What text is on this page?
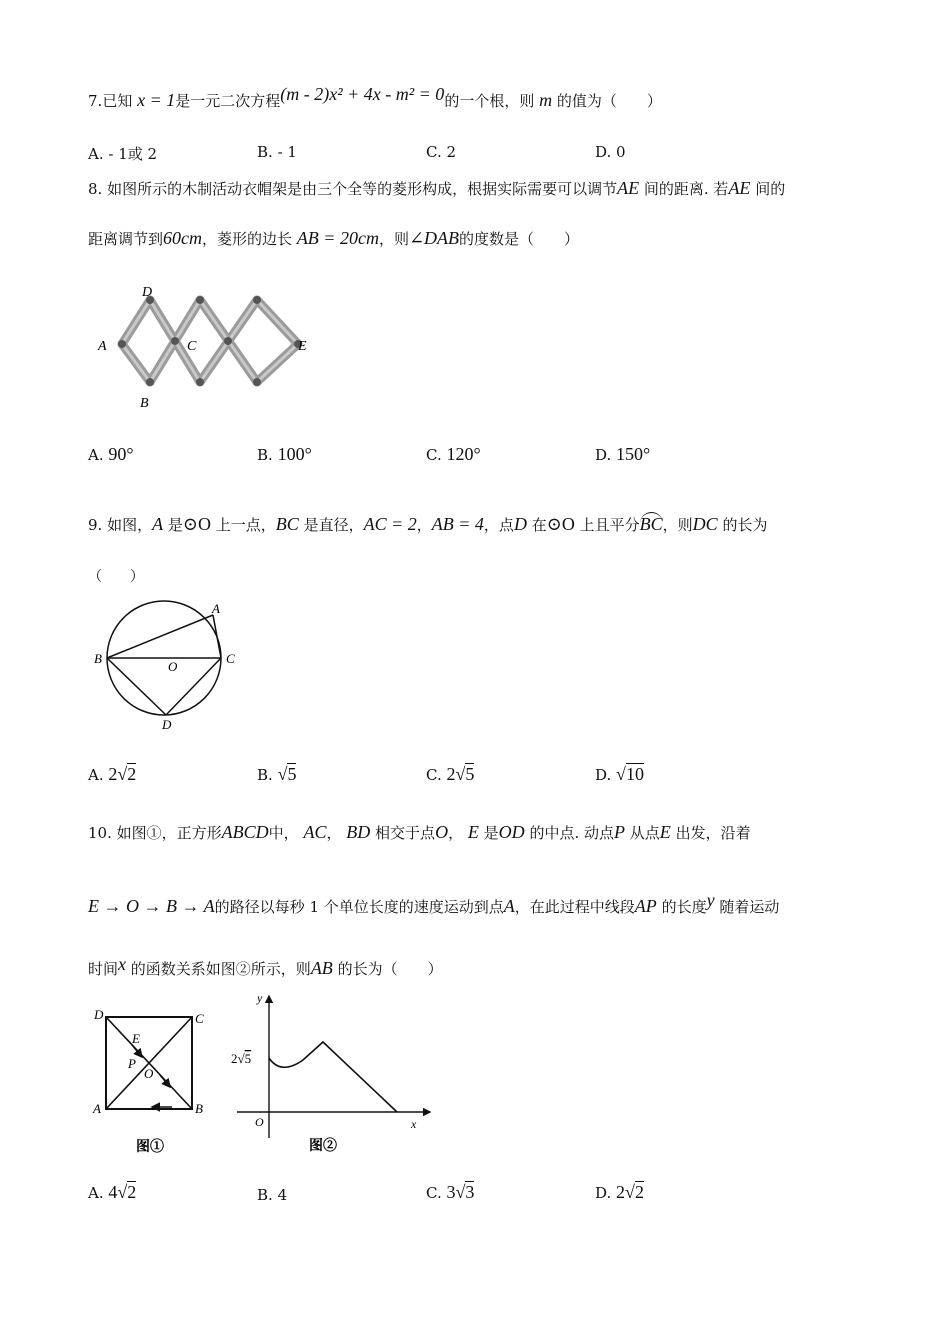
7.已知 x = 1是一元二次方程(m - 2)x² + 4x - m² = 0的一个根，则 m 的值为（　　）
A. - 1或 2	B. - 1	C. 2	D. 0
8. 如图所示的木制活动衣帽架是由三个全等的菱形构成，根据实际需要可以调节AE 间的距离. 若AE 间的
距离调节到60cm，菱形的边长 AB = 20cm，则∠DAB的度数是（　　）
A
B
C
D
E
A. 90°	B. 100°	C. 120°	D. 150°
9. 如图，A 是⊙O 上一点，BC 是直径，AC = 2，AB = 4，点D 在⊙O 上且平分BC，则DC 的长为
（　　）
A
B	C
D
O
A. 2√2	B. √5	C. 2√5	D. √10
10. 如图①，正方形ABCD中， AC， BD 相交于点O， E 是OD 的中点. 动点P 从点E 出发，沿着
E → O → B → A的路径以每秒 1 个单位长度的速度运动到点A，在此过程中线段AP 的长度y 随着运动
时间x 的函数关系如图②所示，则AB 的长为（　　）
D	C
A	B
E
P
O
图①
y
x
O
2√5
图②
A. 4√2	B. 4	C. 3√3	D. 2√2
